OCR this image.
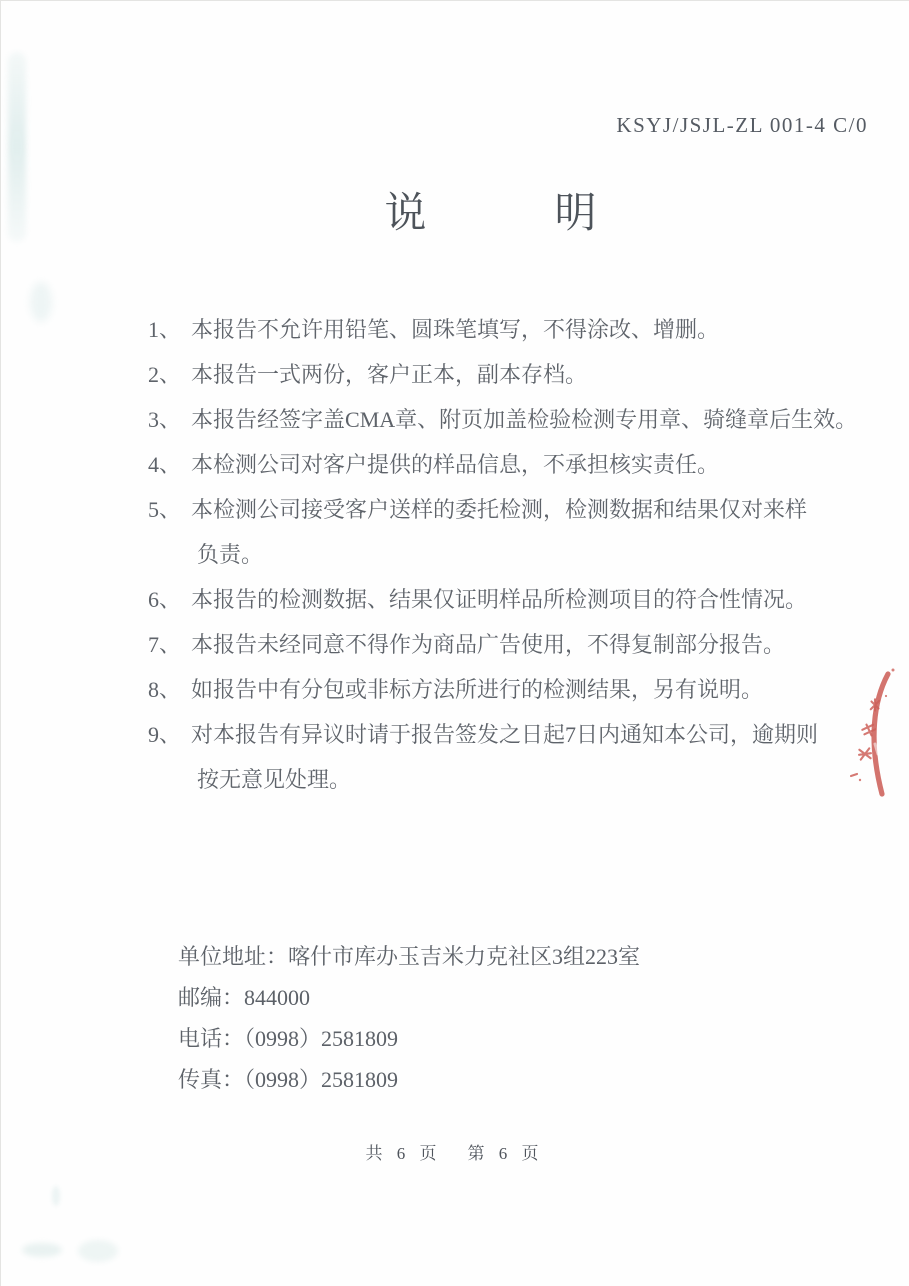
KSYJ/JSJL-ZL 001-4 C/0
说	明
1、 本报告不允许用铅笔、圆珠笔填写，不得涂改、增删。
2、 本报告一式两份，客户正本，副本存档。
3、 本报告经签字盖CMA章、附页加盖检验检测专用章、骑缝章后生效。
4、 本检测公司对客户提供的样品信息，不承担核实责任。
5、 本检测公司接受客户送样的委托检测，检测数据和结果仅对来样
负责。
6、 本报告的检测数据、结果仅证明样品所检测项目的符合性情况。
7、 本报告未经同意不得作为商品广告使用，不得复制部分报告。
8、 如报告中有分包或非标方法所进行的检测结果，另有说明。
9、 对本报告有异议时请于报告签发之日起7日内通知本公司，逾期则
按无意见处理。
单位地址：喀什市库办玉吉米力克社区3组223室
邮编：844000
电话：（0998）2581809
传真：（0998）2581809
共 6 页 第 6 页
